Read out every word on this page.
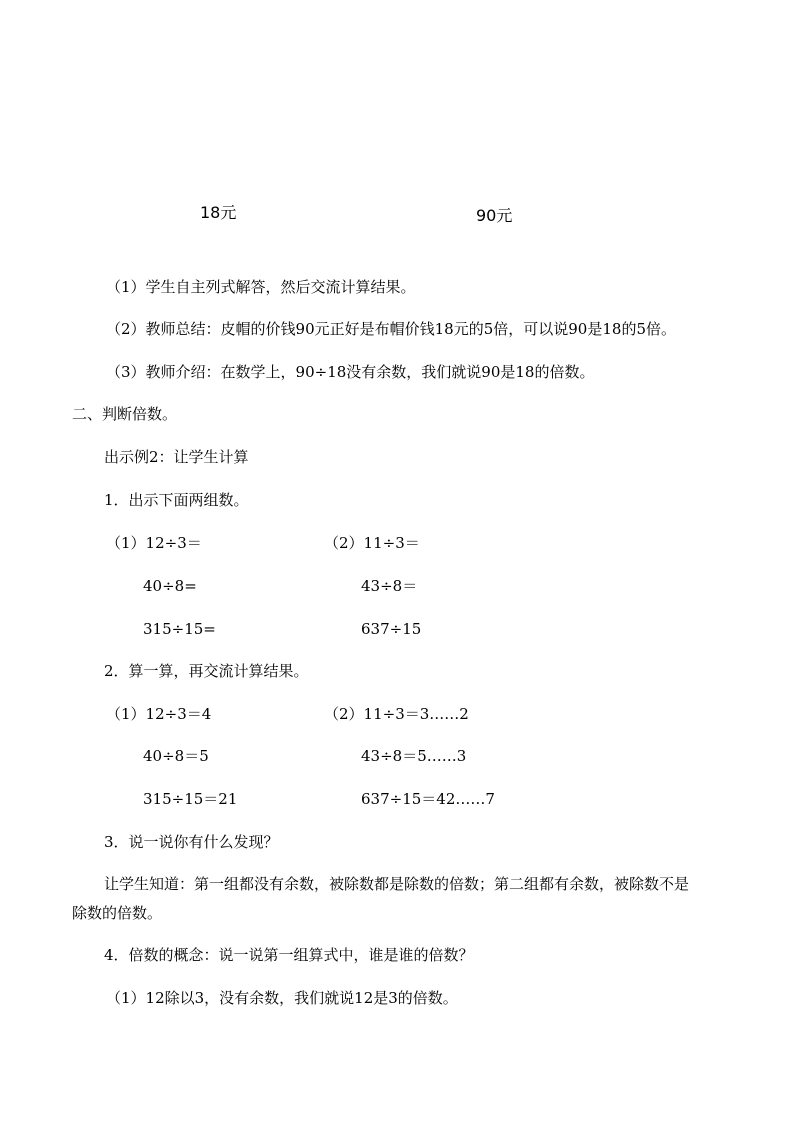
18元	90元
（1）学生自主列式解答，然后交流计算结果。
（2）教师总结：皮帽的价钱90元正好是布帽价钱18元的5倍，可以说90是18的5倍。
（3）教师介绍：在数学上，90÷18没有余数，我们就说90是18的倍数。
二、判断倍数。
出示例2：让学生计算
1．出示下面两组数。
（1）12÷3＝
40÷8=
315÷15=
（2）11÷3＝
43÷8＝
637÷15
2．算一算，再交流计算结果。
（1）12÷3＝4
40÷8＝5
315÷15＝21
（2）11÷3＝3……2
43÷8＝5……3
637÷15＝42……7
3．说一说你有什么发现？
让学生知道：第一组都没有余数，被除数都是除数的倍数；第二组都有余数，被除数不是
除数的倍数。
4．倍数的概念：说一说第一组算式中，谁是谁的倍数？
（1）12除以3，没有余数，我们就说12是3的倍数。
